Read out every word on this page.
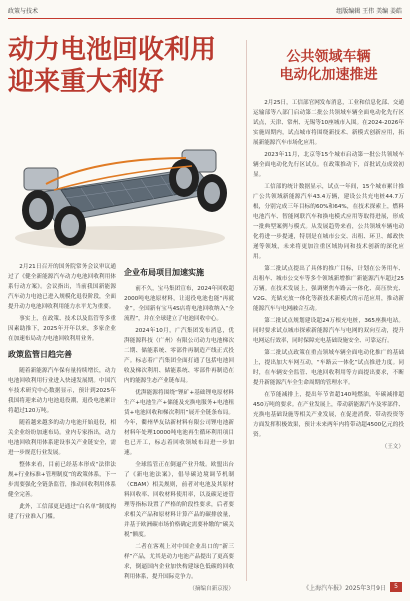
政策与技术	组版编辑 王伟 美编 姜皓
动力电池回收利用
迎来重大利好

2月21日召开的国务院常务会议审议通过了《健全新能源汽车动力电池回收利用体系行动方案》。会议指出，当前我国新能源汽车动力电池已进入规模化退役阶段，全面提升动力电池回收利用能力水平尤为重要。

事实上，在政策、技术以及监管等多重因素助推下，2025年开年以来，多家企业在加速布局动力电池回收利用业务。

政策监管日趋完善

随着新能源汽车保有量持续增长，动力电池回收利用行业进入快速发展期。中国汽车技术研究中心数据显示，预计到2025年我国将迎来动力电池退役潮，退役电池累计将超过120万吨。

随着越来越多的动力电池开始退役，相关企业纷纷加速布局。业内专家指出，动力电池回收利用体系建设事关产业链安全，需进一步规范行业发展。

整体来看，目前已经基本形成“法律法规+行业标准+管理制度”的政策体系，下一步需要强化全链条监管，推动回收利用体系健全完善。

此外，工信部更是通过“白名单”制度构建了行业准入门槛。

企业布局项目加速实施

前不久，宝马集团宣布，2024年回收超2000吨电池原材料，让退役电池也能“再就业”。全国新有宝马4S店将电池回收纳入“全流程”，并在全球建立了电池回收中心。

2024年10月，广汽集团发布消息，优湃能源科技（广州）有限公司动力电池梯次二期、储能系统、零部件再制造产线正式投产。标志着广汽集团全面打通了包括电池回收及梯次利用、储能系统、零部件再制造在内的能源生态产业链布局。

优湃能源将围绕“锂矿+基础锂电原材料生产+电池生产+储能及充换电服务+电池租赁+电池回收和梯次利用”展开全链条布局。今年，衢州华友钴新材料有限公司锂电池新材料年处理10000吨电池再生循环利用项目也已开工，标志着回收领域布局进一步加速。

全球监管正在倒逼产业升级。欧盟出台了《新电池法案》，倡导碳边境调节机制（CBAM）相关规则，前者对电池及其原材料回收率、回收材料使用率，以及碳足迹管理等指标设置了严格的阶段性要求，后者要求相关产品和原材料计算产品的碳排放量，并基于欧洲碳市场价格确定需要补缴的“碳关税”额度。

二者在客观上对中国企业出口的“新三样”产品，尤其是动力电池产品提出了更高要求，倒逼国内企业加快构建绿色低碳的回收利用体系，提升国际竞争力。

（摘编自新京报）

公共领域车辆
电动化加速推进

2月25日，工信部官网发布消息，工业和信息化部、交通运输部等八部门启动第二批公共领域车辆全面电动化先行区试点，天津、常州、无锡等10座城市入围。在2024-2026年实施周期内，试点城市将围绕新技术、新模式创新应用，拓展新能源汽车市场化应用。

2023年11月，北京等15个城市启动第一批公共领域车辆全面电动化先行区试点。在政策推动下，首批试点成效初显。

工信部的统计数据显示，试点一年间，15个城市累计推广公共领域新能源汽车43.4万辆，建设公共充电桩44.7万根，分别完成三年目标的60%和64%，在技术探索上，燃料电池汽车、智能网联汽车和换电模式应用等取得进展，形成一批典型案例与模式。从发展趋势来看，公共领域车辆电动化将进一步提速，特别是在城市公交、出租、环卫、邮政快递等领域，未来将更加注重区域协同和技术创新的深化应用。

第二批试点提出了具体的推广目标，计划在公务用车、出租车、城市公交车等多个领域新增推广新能源汽车超过25万辆。在技术发展上，强调聚焦车路云一体化、高压快充、V2G、光储充放一体化等新技术新模式的示范应用，推动新能源汽车与电网融合互动。

第二批试点规划建设超24万根充电桩，365座换电站。同时要求试点城市探索新能源汽车与电网的双向互动，提升电网运行效率，同时保障充电基础设施安全、可靠运行。

第二批试点政策在重点领域车辆全面电动化推广的基础上，提出加大车网互动，“车路云一体化”试点推进力度。同时，在车辆安全监管、电池回收利用等方面提出要求，不断提升新能源汽车全生命周期的管理水平。

在节能减排上，提出年节省超140吨燃油，年碳减排超450万吨的要求。在产业发展上，带动新能源汽车及零部件、充换电基础设施等相关产业发展，在促进消费、带动投资等方面发挥积极效果，预计未来两年内将带动超4500亿元的投资。

（王文）
《上海汽车报》2025年3月9日	5
